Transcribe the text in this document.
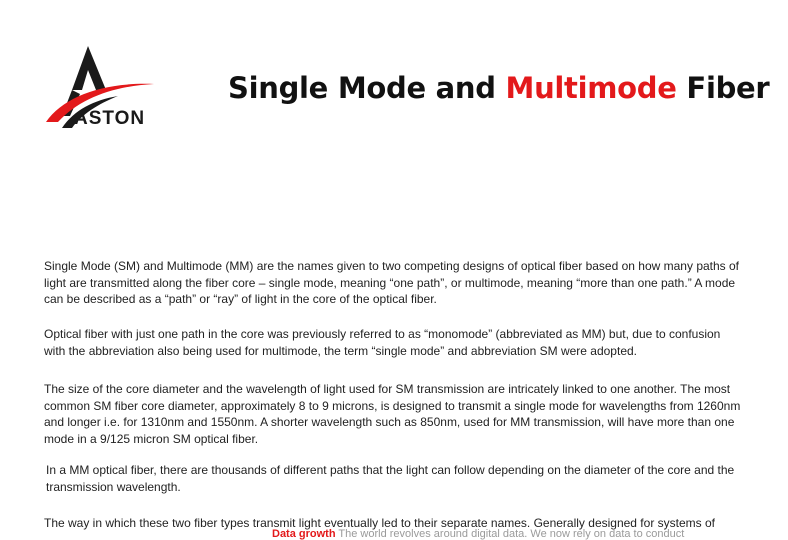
ASTON
Single Mode and Multimode Fiber

Single Mode (SM) and Multimode (MM) are the names given to two competing designs of optical fiber based on how many paths of light are transmitted along the fiber core – single mode, meaning “one path”, or multimode, meaning “more than one path.” A mode can be described as a “path” or “ray” of light in the core of the optical fiber.

Optical fiber with just one path in the core was previously referred to as “monomode” (abbreviated as MM) but, due to confusion with the abbreviation also being used for multimode, the term “single mode” and abbreviation SM were adopted.

The size of the core diameter and the wavelength of light used for SM transmission are intricately linked to one another. The most common SM fiber core diameter, approximately 8 to 9 microns, is designed to transmit a single mode for wavelengths from 1260nm and longer i.e. for 1310nm and 1550nm. A shorter wavelength such as 850nm, used for MM transmission, will have more than one mode in a 9/125 micron SM optical fiber.

In a MM optical fiber, there are thousands of different paths that the light can follow depending on the diameter of the core and the transmission wavelength.

The way in which these two fiber types transmit light eventually led to their separate names. Generally designed for systems of

Data growth The world revolves around digital data. We now rely on data to conduct
